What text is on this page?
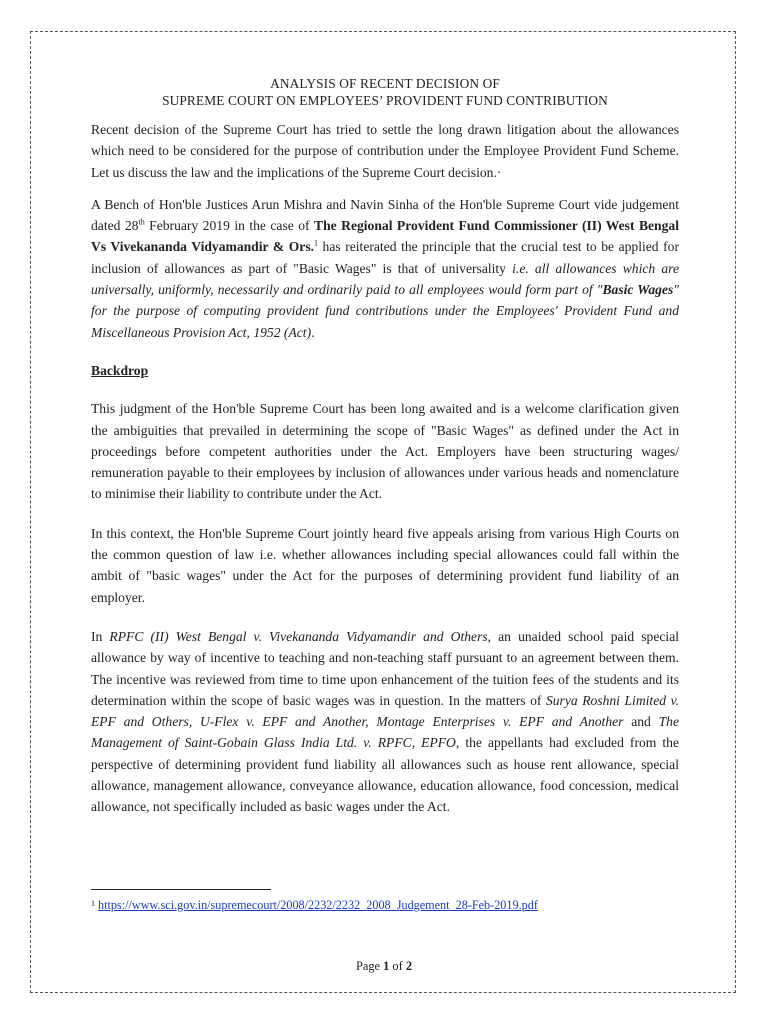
ANALYSIS OF RECENT DECISION OF
SUPREME COURT ON EMPLOYEES’ PROVIDENT FUND CONTRIBUTION

Recent decision of the Supreme Court has tried to settle the long drawn litigation about the allowances which need to be considered for the purpose of contribution under the Employee Provident Fund Scheme. Let us discuss the law and the implications of the Supreme Court decision.·

A Bench of Hon'ble Justices Arun Mishra and Navin Sinha of the Hon'ble Supreme Court vide judgement dated 28th February 2019 in the case of The Regional Provident Fund Commissioner (II) West Bengal Vs Vivekananda Vidyamandir & Ors.$^1$ has reiterated the principle that the crucial test to be applied for inclusion of allowances as part of "Basic Wages" is that of universality i.e. all allowances which are universally, uniformly, necessarily and ordinarily paid to all employees would form part of "Basic Wages" for the purpose of computing provident fund contributions under the Employees' Provident Fund and Miscellaneous Provision Act, 1952 (Act).

Backdrop

This judgment of the Hon'ble Supreme Court has been long awaited and is a welcome clarification given the ambiguities that prevailed in determining the scope of "Basic Wages" as defined under the Act in proceedings before competent authorities under the Act. Employers have been structuring wages/ remuneration payable to their employees by inclusion of allowances under various heads and nomenclature to minimise their liability to contribute under the Act.

In this context, the Hon'ble Supreme Court jointly heard five appeals arising from various High Courts on the common question of law i.e. whether allowances including special allowances could fall within the ambit of "basic wages" under the Act for the purposes of determining provident fund liability of an employer.

In RPFC (II) West Bengal v. Vivekananda Vidyamandir and Others, an unaided school paid special allowance by way of incentive to teaching and non-teaching staff pursuant to an agreement between them. The incentive was reviewed from time to time upon enhancement of the tuition fees of the students and its determination within the scope of basic wages was in question. In the matters of Surya Roshni Limited v. EPF and Others, U-Flex v. EPF and Another, Montage Enterprises v. EPF and Another and The Management of Saint-Gobain Glass India Ltd. v. RPFC, EPFO, the appellants had excluded from the perspective of determining provident fund liability all allowances such as house rent allowance, special allowance, management allowance, conveyance allowance, education allowance, food concession, medical allowance, not specifically included as basic wages under the Act.

$^1$ https://www.sci.gov.in/supremecourt/2008/2232/2232_2008_Judgement_28-Feb-2019.pdf
Page 1 of 2
